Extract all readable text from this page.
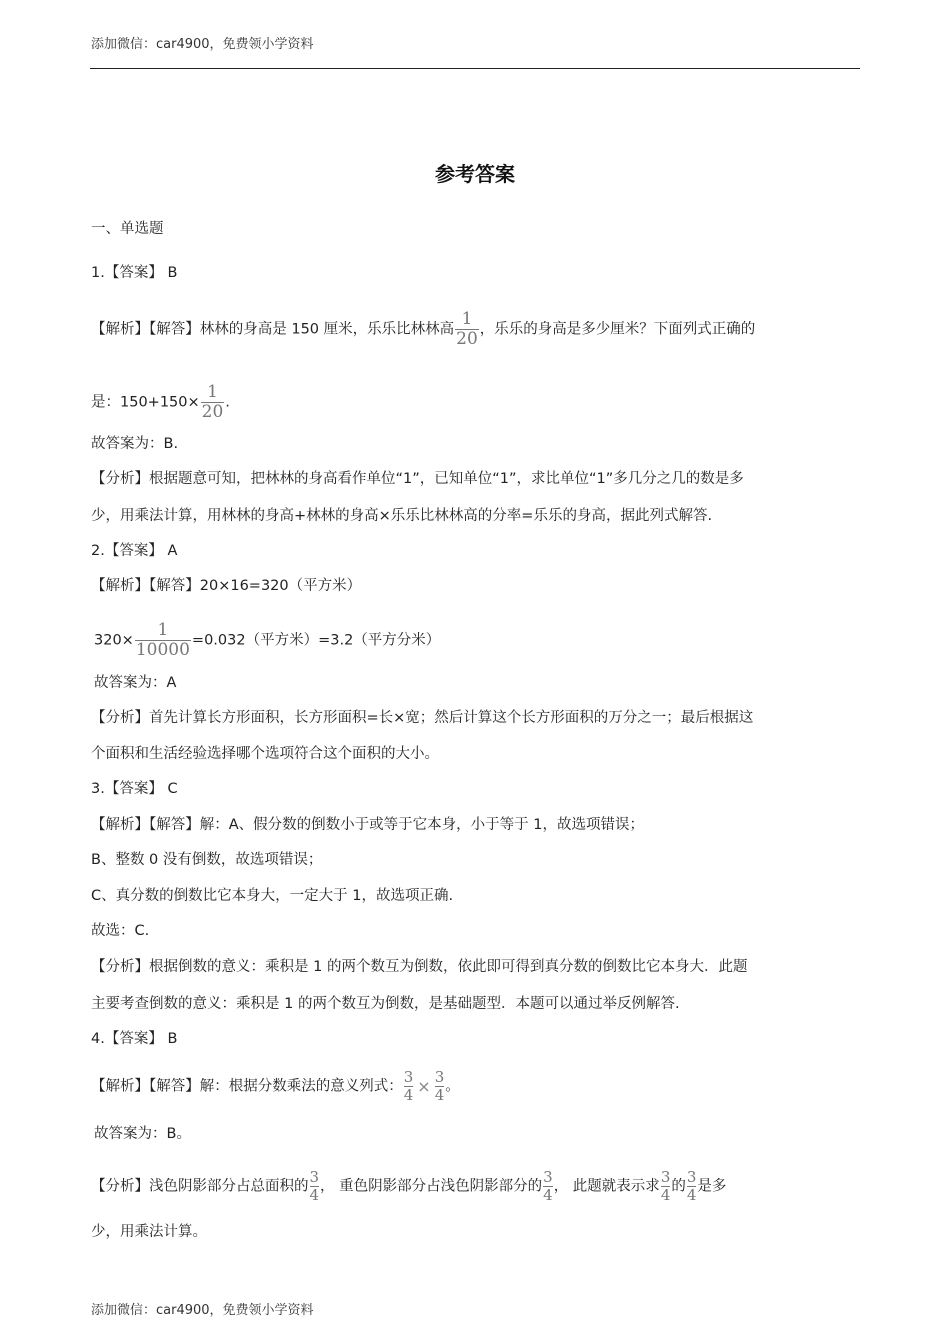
添加微信：car4900，免费领小学资料
参考答案
一、单选题
1.【答案】 B
【解析】【解答】林林的身高是 150 厘米，乐乐比林林高 $\frac{1}{20}$ ，乐乐的身高是多少厘米？下面列式正确的
是：$150+150\times \frac{1}{20}$ .
故答案为：B.
【分析】根据题意可知，把林林的身高看作单位“1”，已知单位“1”，求比单位“1”多几分之几的数是多
少，用乘法计算，用林林的身高+林林的身高×乐乐比林林高的分率=乐乐的身高，据此列式解答.
2.【答案】 A
【解析】【解答】20×16=320（平方米）
$320\times \frac{1}{10000} =0.032$（平方米）=3.2（平方分米）
故答案为：A
【分析】首先计算长方形面积，长方形面积=长×宽；然后计算这个长方形面积的万分之一；最后根据这
个面积和生活经验选择哪个选项符合这个面积的大小。
3.【答案】 C
【解析】【解答】解：A、假分数的倒数小于或等于它本身，小于等于 1，故选项错误；
B、整数 0 没有倒数，故选项错误；
C、真分数的倒数比它本身大，一定大于 1，故选项正确.
故选：C.
【分析】根据倒数的意义：乘积是 1 的两个数互为倒数，依此即可得到真分数的倒数比它本身大．此题
主要考查倒数的意义：乘积是 1 的两个数互为倒数，是基础题型．本题可以通过举反例解答.
4.【答案】 B
【解析】【解答】解：根据分数乘法的意义列式： $\frac{3}{4} \times \frac{3}{4}$ 。
故答案为：B。
【分析】浅色阴影部分占总面积的 $\frac{3}{4}$ ， 重色阴影部分占浅色阴影部分的 $\frac{3}{4}$ ， 此题就表示求 $\frac{3}{4}$ 的 $\frac{3}{4}$ 是多
少，用乘法计算。
添加微信：car4900，免费领小学资料
